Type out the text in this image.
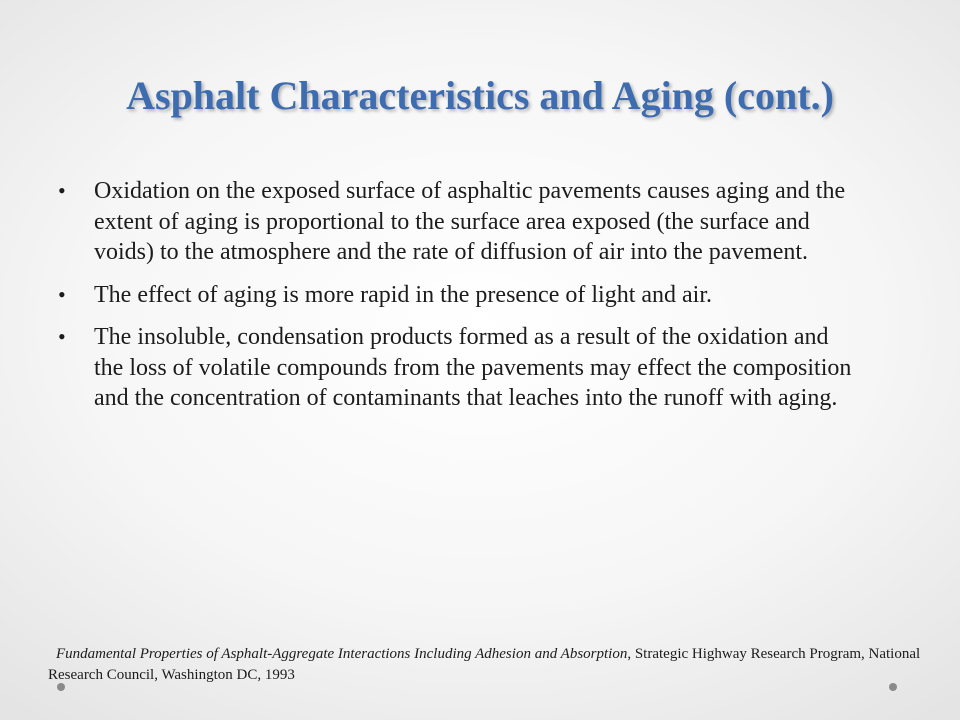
Asphalt Characteristics and Aging (cont.)
•	Oxidation on the exposed surface of asphaltic pavements causes aging and the extent of aging is proportional to the surface area exposed (the surface and voids) to the atmosphere and the rate of diffusion of air into the pavement.
•	The effect of aging is more rapid in the presence of light and air.
•	The insoluble, condensation products formed as a result of the oxidation and the loss of volatile compounds from the pavements may effect the composition and the concentration of contaminants that leaches into the runoff with aging.
Fundamental Properties of Asphalt-Aggregate Interactions Including Adhesion and Absorption, Strategic Highway Research Program, National Research Council, Washington DC, 1993
